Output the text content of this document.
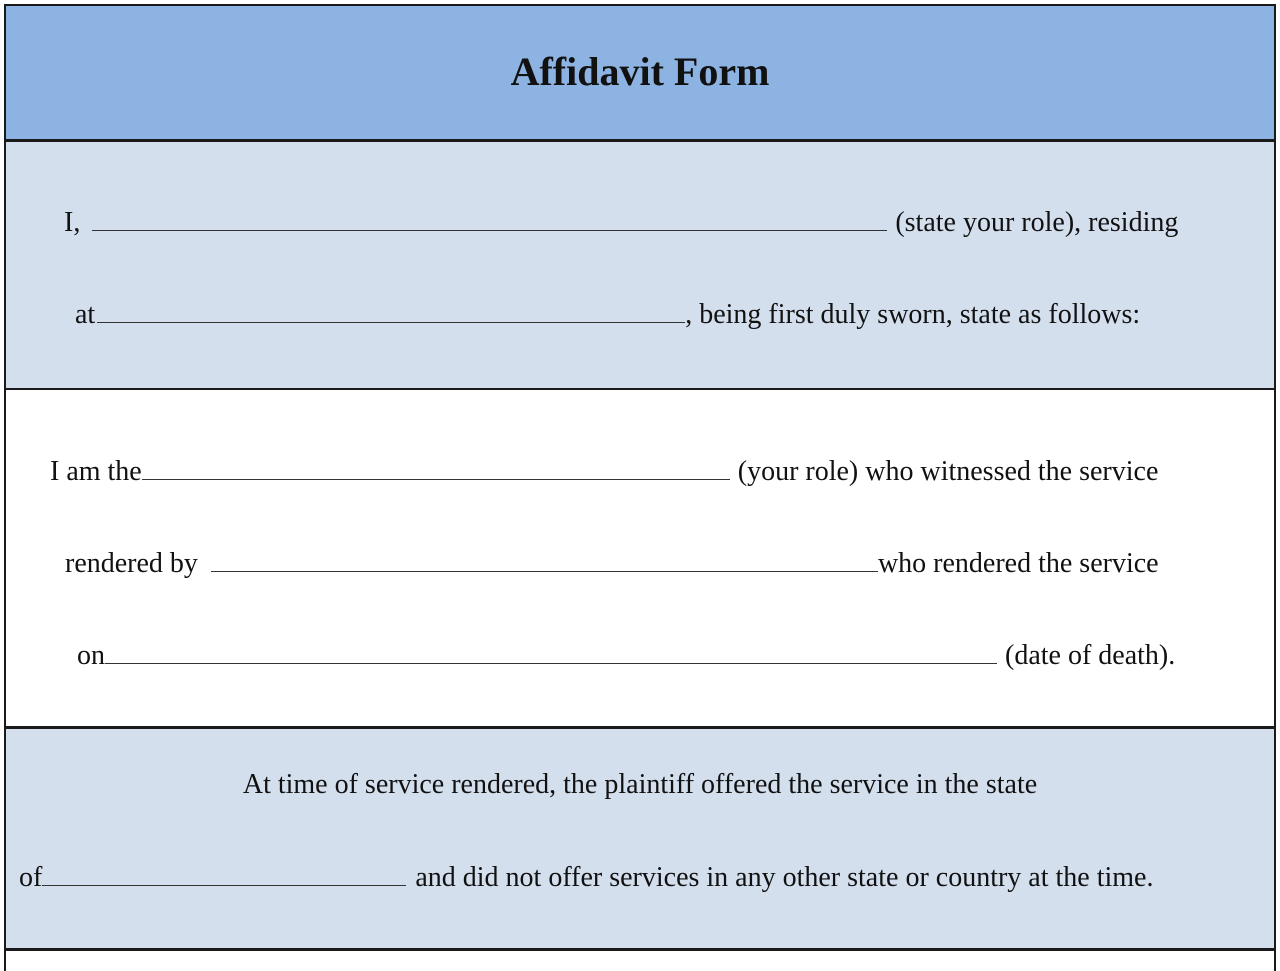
Affidavit Form
I,	(state your role), residing
at	, being first duly sworn, state as follows:
I am the	(your role) who witnessed the service
rendered by	who rendered the service
on	(date of death).
At time of service rendered, the plaintiff offered the service in the state
of	and did not offer services in any other state or country at the time.
